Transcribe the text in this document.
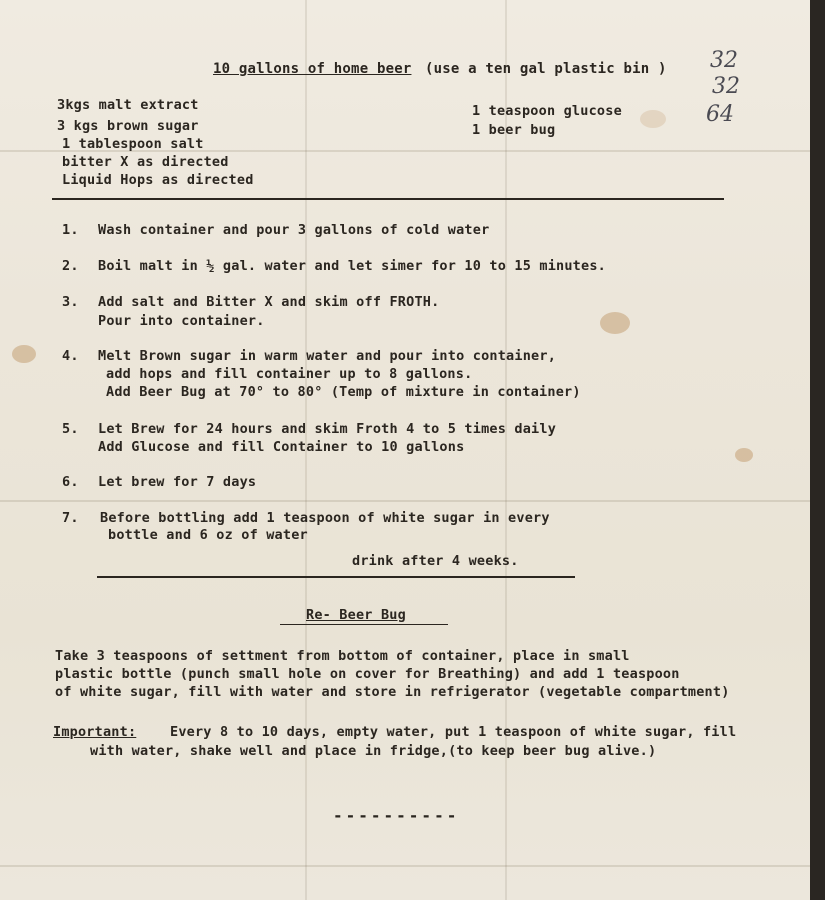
10 gallons of home beer (use a ten gal plastic bin ) 32
32
64
3kgs malt extract
3 kgs brown sugar
1 tablespoon salt
bitter X as directed
Liquid Hops as directed
1 teaspoon glucose
1 beer bug
1. Wash container and pour 3 gallons of cold water
2. Boil malt in ½ gal. water and let simer for 10 to 15 minutes.
3. Add salt and Bitter X and skim off FROTH.
Pour into container.
4. Melt Brown sugar in warm water and pour into container,
add hops and fill container up to 8 gallons.
Add Beer Bug at 70° to 80° (Temp of mixture in container)
5. Let Brew for 24 hours and skim Froth 4 to 5 times daily
Add Glucose and fill Container to 10 gallons
6. Let brew for 7 days
7. Before bottling add 1 teaspoon of white sugar in every
bottle and 6 oz of water
drink after 4 weeks.
Re- Beer Bug
Take 3 teaspoons of settment from bottom of container, place in small
plastic bottle (punch small hole on cover for Breathing) and add 1 teaspoon
of white sugar, fill with water and store in refrigerator (vegetable compartment)
Important: Every 8 to 10 days, empty water, put 1 teaspoon of white sugar, fill
with water, shake well and place in fridge,(to keep beer bug alive.)
----------
